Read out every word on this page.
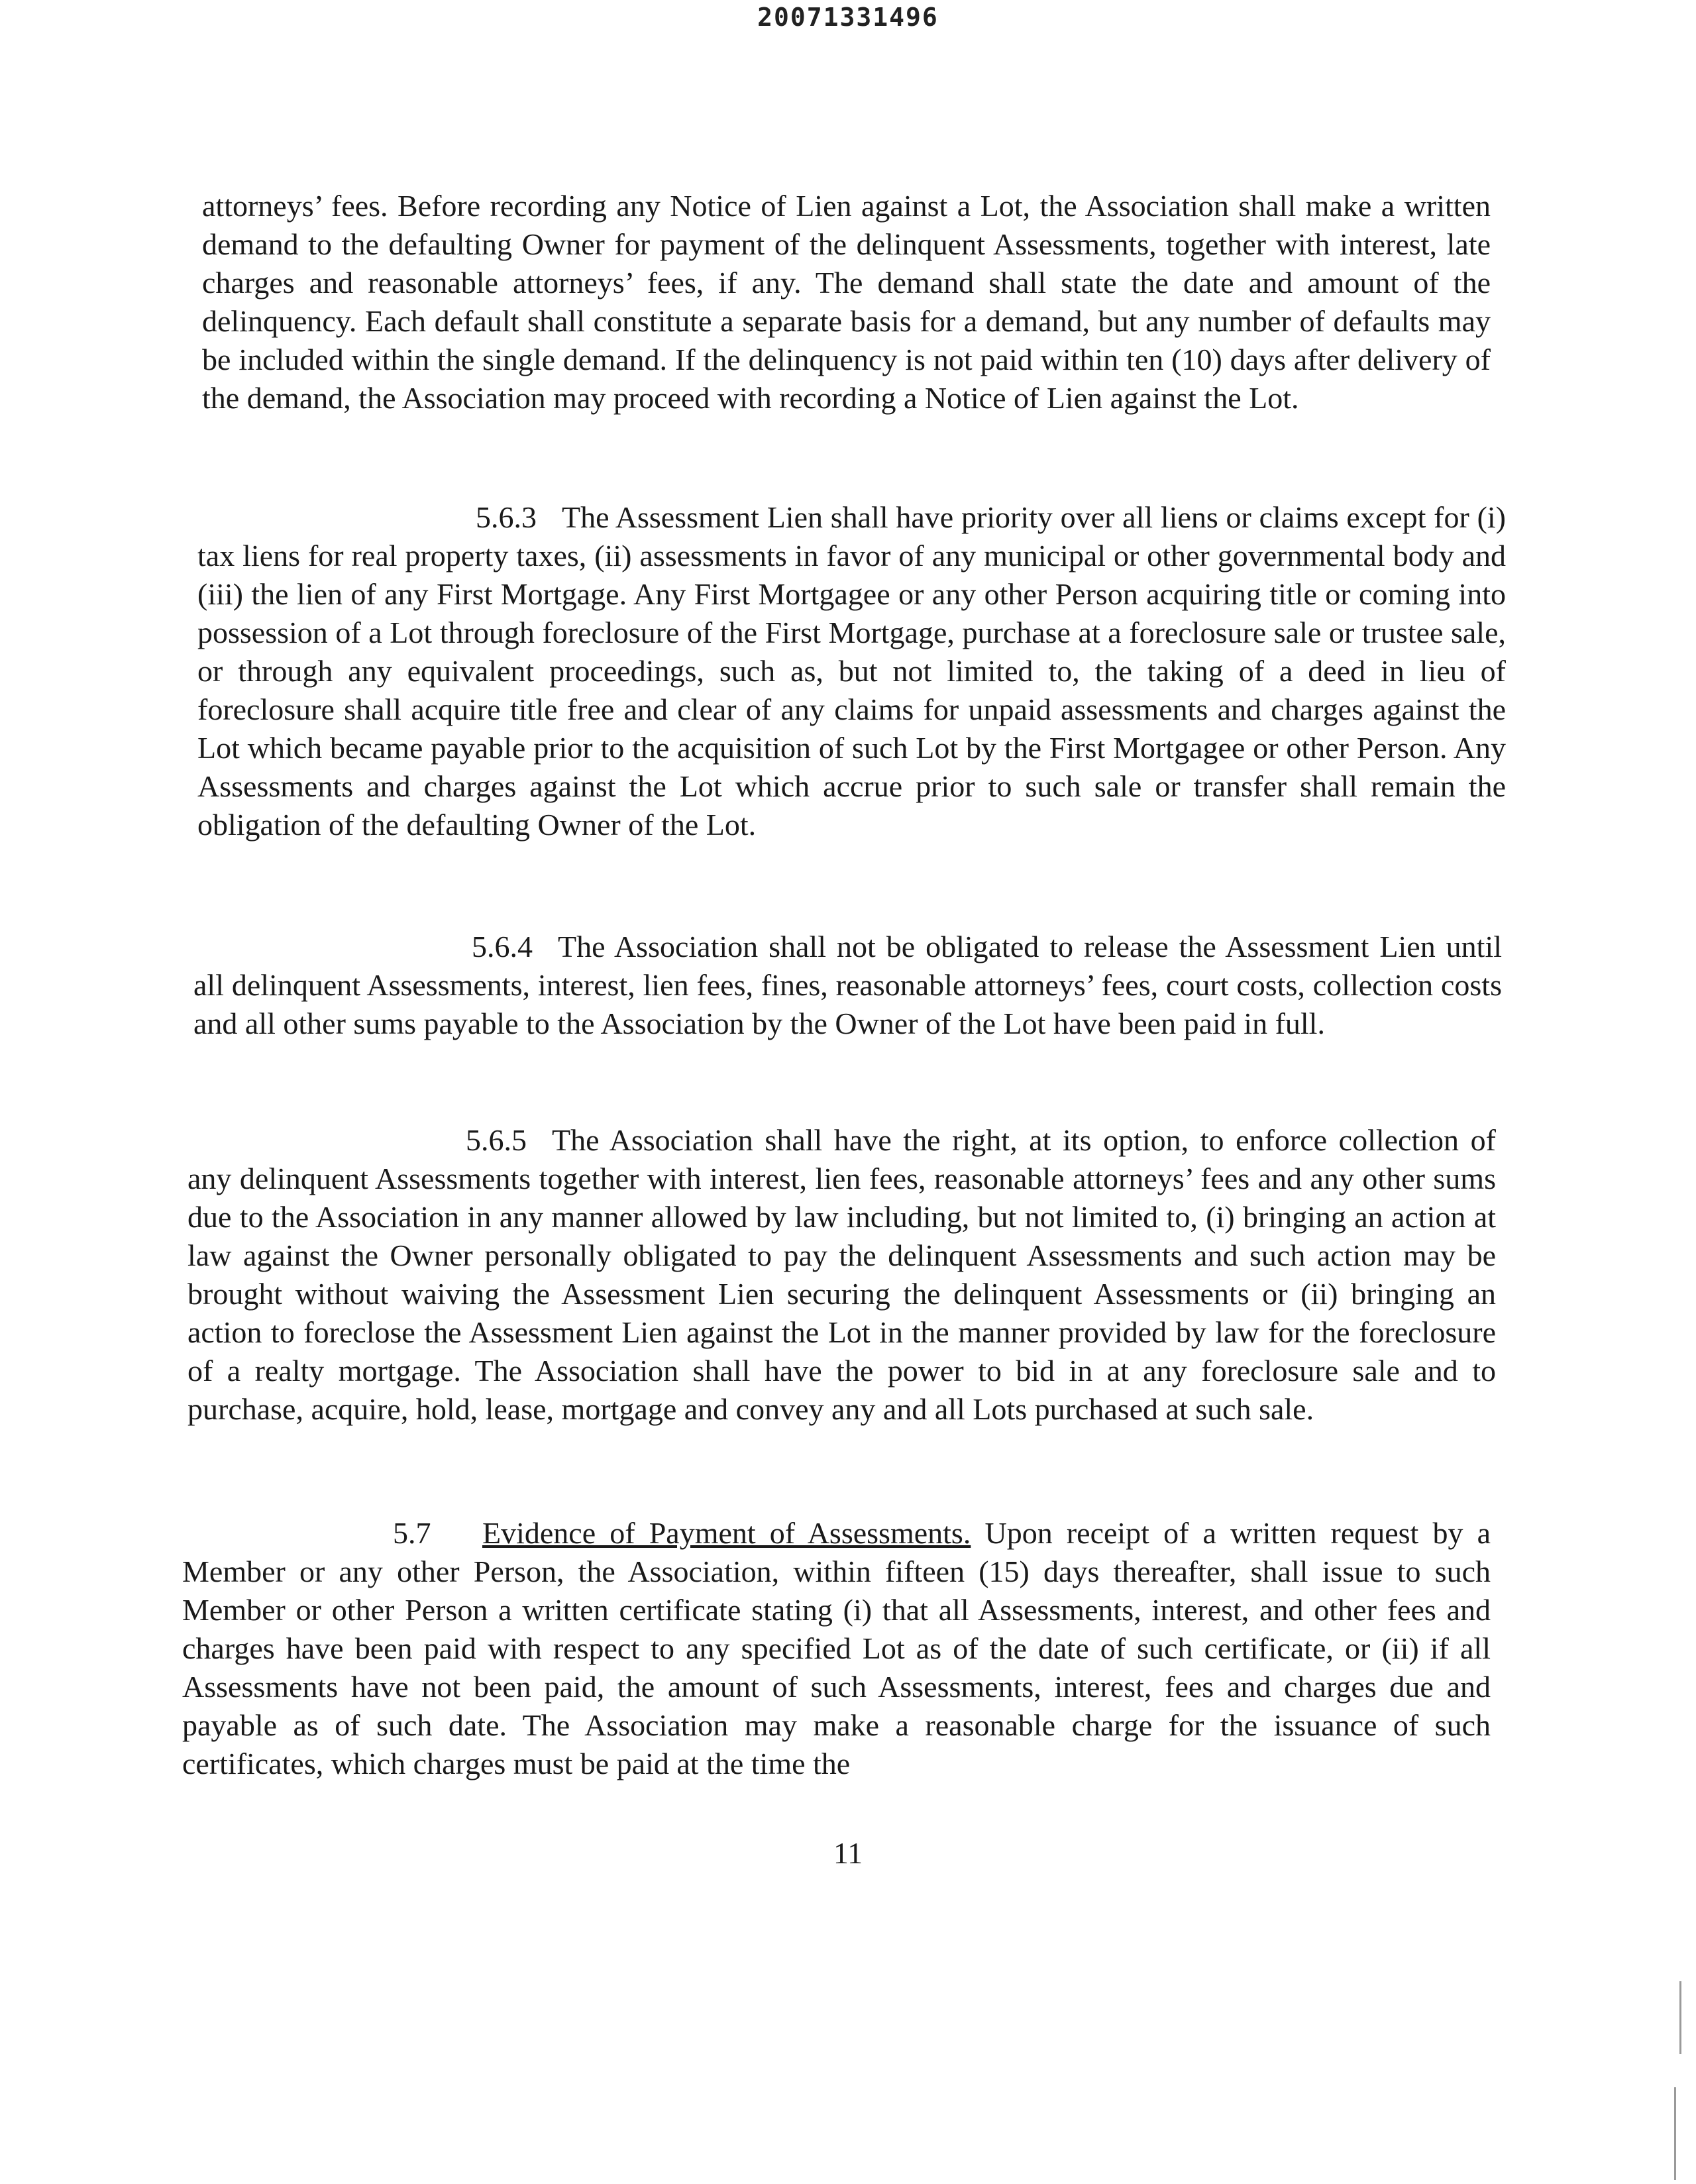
20071331496

attorneys’ fees. Before recording any Notice of Lien against a Lot, the Association shall make a written demand to the defaulting Owner for payment of the delinquent Assessments, together with interest, late charges and reasonable attorneys’ fees, if any. The demand shall state the date and amount of the delinquency. Each default shall constitute a separate basis for a demand, but any number of defaults may be included within the single demand. If the delinquency is not paid within ten (10) days after delivery of the demand, the Association may proceed with recording a Notice of Lien against the Lot.

5.6.3 The Assessment Lien shall have priority over all liens or claims except for (i) tax liens for real property taxes, (ii) assessments in favor of any municipal or other governmental body and (iii) the lien of any First Mortgage. Any First Mortgagee or any other Person acquiring title or coming into possession of a Lot through foreclosure of the First Mortgage, purchase at a foreclosure sale or trustee sale, or through any equivalent proceedings, such as, but not limited to, the taking of a deed in lieu of foreclosure shall acquire title free and clear of any claims for unpaid assessments and charges against the Lot which became payable prior to the acquisition of such Lot by the First Mortgagee or other Person. Any Assessments and charges against the Lot which accrue prior to such sale or transfer shall remain the obligation of the defaulting Owner of the Lot.

5.6.4 The Association shall not be obligated to release the Assessment Lien until all delinquent Assessments, interest, lien fees, fines, reasonable attorneys’ fees, court costs, collection costs and all other sums payable to the Association by the Owner of the Lot have been paid in full.

5.6.5 The Association shall have the right, at its option, to enforce collection of any delinquent Assessments together with interest, lien fees, reasonable attorneys’ fees and any other sums due to the Association in any manner allowed by law including, but not limited to, (i) bringing an action at law against the Owner personally obligated to pay the delinquent Assessments and such action may be brought without waiving the Assessment Lien securing the delinquent Assessments or (ii) bringing an action to foreclose the Assessment Lien against the Lot in the manner provided by law for the foreclosure of a realty mortgage. The Association shall have the power to bid in at any foreclosure sale and to purchase, acquire, hold, lease, mortgage and convey any and all Lots purchased at such sale.

5.7 Evidence of Payment of Assessments. Upon receipt of a written request by a Member or any other Person, the Association, within fifteen (15) days thereafter, shall issue to such Member or other Person a written certificate stating (i) that all Assessments, interest, and other fees and charges have been paid with respect to any specified Lot as of the date of such certificate, or (ii) if all Assessments have not been paid, the amount of such Assessments, interest, fees and charges due and payable as of such date. The Association may make a reasonable charge for the issuance of such certificates, which charges must be paid at the time the

11
